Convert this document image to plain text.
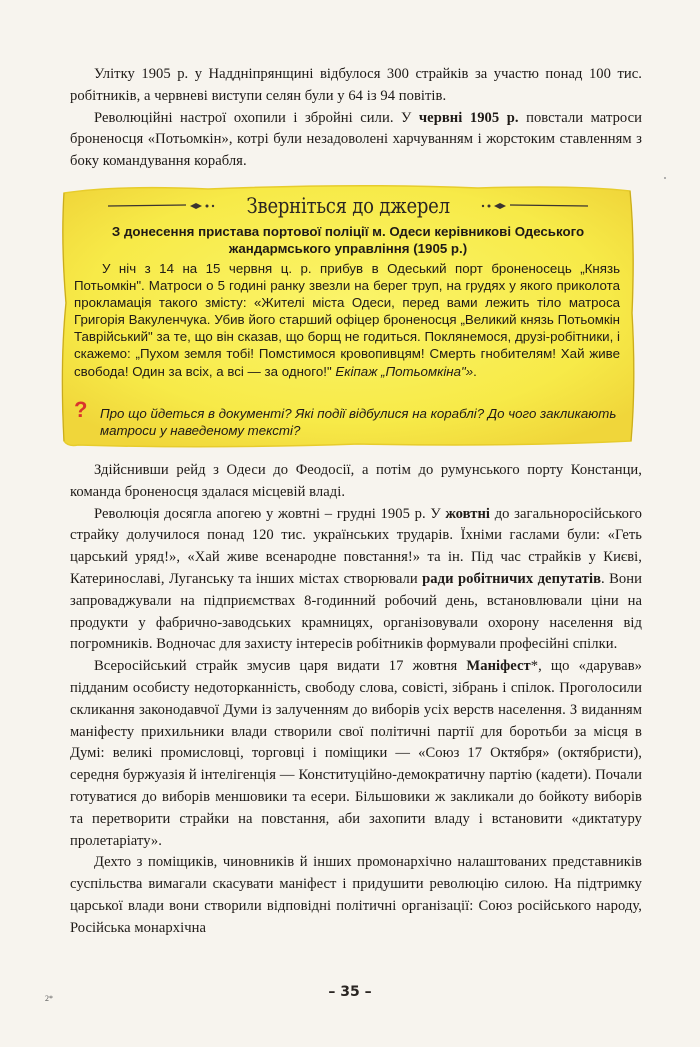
Улітку 1905 р. у Наддніпрянщині відбулося 300 страйків за участю понад 100 тис. робітників, а червневі виступи селян були у 64 із 94 повітів.

Революційні настрої охопили і збройні сили. У червні 1905 р. повстали матроси броненосця «Потьомкін», котрі були незадоволені харчуванням і жорстоким ставленням з боку командування корабля.

Зверніться до джерел
З донесення пристава портової поліції м. Одеси керівникові Одеського жандармського управління (1905 р.)

У ніч з 14 на 15 червня ц. р. прибув в Одеський порт броненосець „Князь Потьомкін". Матроси о 5 годині ранку звезли на берег труп, на грудях у якого приколота прокламація такого змісту: «Жителі міста Одеси, перед вами лежить тіло матроса Григорія Вакуленчука. Убив його старший офіцер броненосця „Великий князь Потьомкін Таврійський" за те, що він сказав, що борщ не годиться. Поклянемося, друзі-робітники, і скажемо: „Пухом земля тобі! Помстимося кровопивцям! Смерть гнобителям! Хай живе свобода! Один за всіх, а всі — за одного!" Екіпаж „Потьомкіна"».

? Про що йдеться в документі? Які події відбулися на кораблі? До чого закликають матроси у наведеному тексті?

Здійснивши рейд з Одеси до Феодосії, а потім до румунського порту Констанци, команда броненосця здалася місцевій владі.

Революція досягла апогею у жовтні – грудні 1905 р. У жовтні до загальноросійського страйку долучилося понад 120 тис. українських трударів. Їхніми гаслами були: «Геть царський уряд!», «Хай живе всенародне повстання!» та ін. Під час страйків у Києві, Катеринославі, Луганську та інших містах створювали ради робітничих депутатів. Вони запроваджували на підприємствах 8-годинний робочий день, встановлювали ціни на продукти у фабрично-заводських крамницях, організовували охорону населення від погромників. Водночас для захисту інтересів робітників формували професійні спілки.

Всеросійський страйк змусив царя видати 17 жовтня Маніфест*, що «дарував» підданим особисту недоторканність, свободу слова, совісті, зібрань і спілок. Проголосили скликання законодавчої Думи із залученням до виборів усіх верств населення. З виданням маніфесту прихильники влади створили свої політичні партії для боротьби за місця в Думі: великі промисловці, торговці і поміщики — «Союз 17 Октября» (октябристи), середня буржуазія й інтелігенція — Конституційно-демократичну партію (кадети). Почали готуватися до виборів меншовики та есери. Більшовики ж закликали до бойкоту виборів та перетворити страйки на повстання, аби захопити владу і встановити «диктатуру пролетаріату».

Дехто з поміщиків, чиновників й інших промонархічно налаштованих представників суспільства вимагали скасувати маніфест і придушити революцію силою. На підтримку царської влади вони створили відповідні політичні організації: Союз російського народу, Російська монархічна

2*	– 35 –
